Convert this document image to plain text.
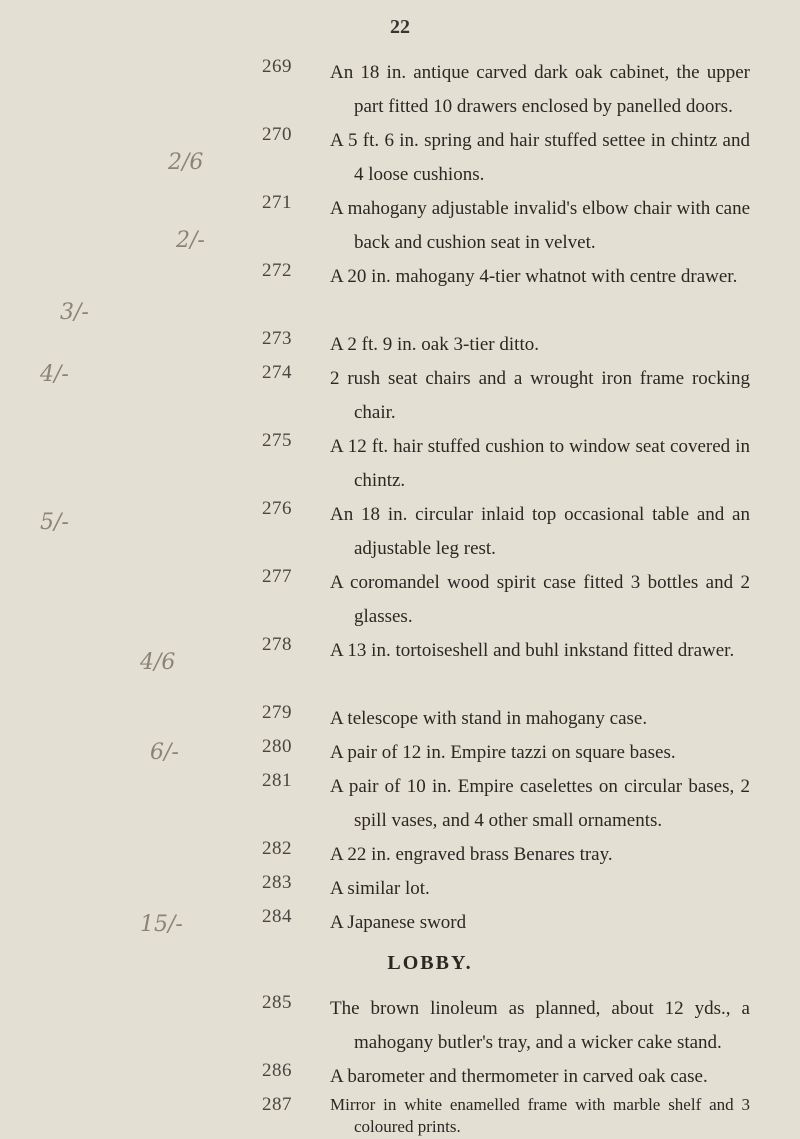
22
2/6
2/-
3/-
4/-
5/-
4/6
6/-
15/-
269 An 18 in. antique carved dark oak cabinet, the upper part fitted 10 drawers enclosed by panelled doors.
270 A 5 ft. 6 in. spring and hair stuffed settee in chintz and 4 loose cushions.
271 A mahogany adjustable invalid's elbow chair with cane back and cushion seat in velvet.
272 A 20 in. mahogany 4-tier whatnot with centre drawer.
273 A 2 ft. 9 in. oak 3-tier ditto.
274 2 rush seat chairs and a wrought iron frame rocking chair.
275 A 12 ft. hair stuffed cushion to window seat covered in chintz.
276 An 18 in. circular inlaid top occasional table and an adjustable leg rest.
277 A coromandel wood spirit case fitted 3 bottles and 2 glasses.
278 A 13 in. tortoiseshell and buhl inkstand fitted drawer.
279 A telescope with stand in mahogany case.
280 A pair of 12 in. Empire tazzi on square bases.
281 A pair of 10 in. Empire caselettes on circular bases, 2 spill vases, and 4 other small ornaments.
282 A 22 in. engraved brass Benares tray.
283 A similar lot.
284 A Japanese sword
LOBBY.
285 The brown linoleum as planned, about 12 yds., a mahogany butler's tray, and a wicker cake stand.
286 A barometer and thermometer in carved oak case.
287 Mirror in white enamelled frame with marble shelf and 3 coloured prints.
